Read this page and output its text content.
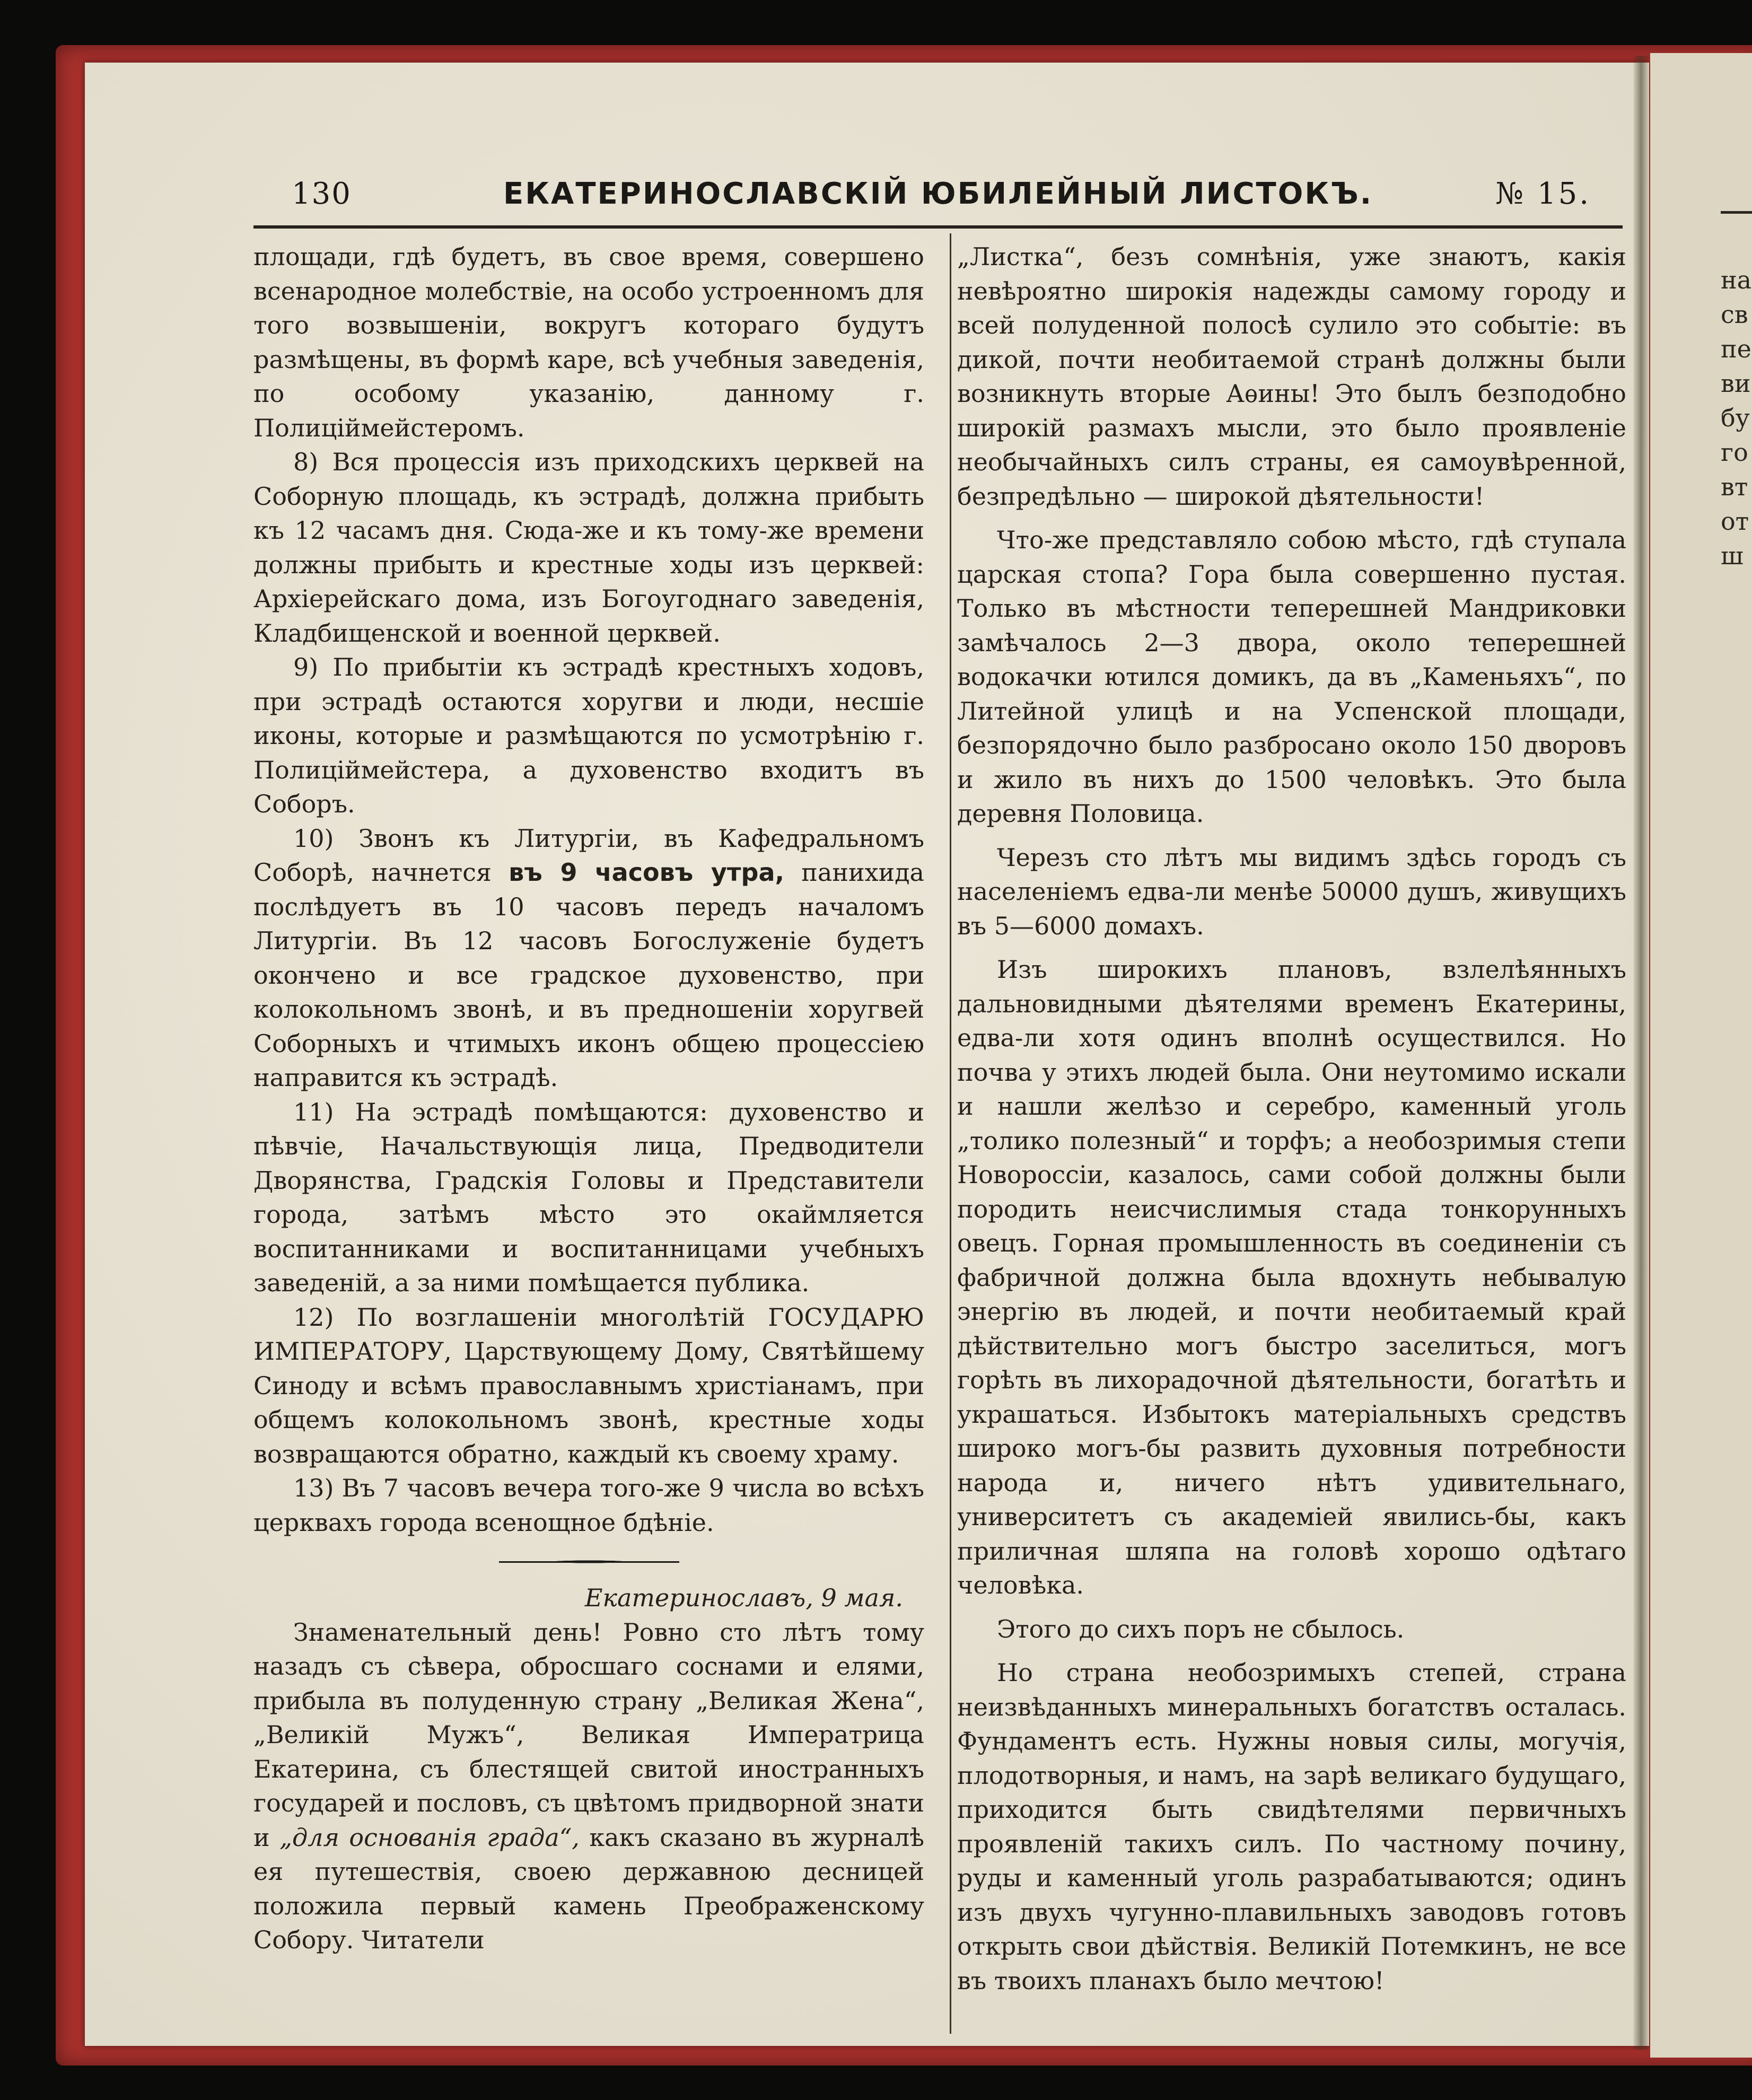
на
св
пе
ви
бу
го
вт
от
ш
130	ЕКАТЕРИНОСЛАВСКІЙ ЮБИЛЕЙНЫЙ ЛИСТОКЪ.	№ 15.

площади, гдѣ будетъ, въ свое время, совершено всенародное молебствіе, на особо устроенномъ для того возвышеніи, вокругъ котораго будутъ размѣщены, въ формѣ каре, всѣ учебныя заведенія, по особому указанію, данному г. Полиціймейстеромъ.

8) Вся процессія изъ приходскихъ церквей на Соборную площадь, къ эстрадѣ, должна прибыть къ 12 часамъ дня. Сюда-же и къ тому-же времени должны прибыть и крестные ходы изъ церквей: Архіерейскаго дома, изъ Богоугоднаго заведенія, Кладбищенской и военной церквей.

9) По прибытіи къ эстрадѣ крестныхъ ходовъ, при эстрадѣ остаются хоругви и люди, несшіе иконы, которые и размѣщаются по усмотрѣнію г. Полиціймейстера, а духовенство входитъ въ Соборъ.

10) Звонъ къ Литургіи, въ Кафедральномъ Соборѣ, начнется въ 9 часовъ утра, панихида послѣдуетъ въ 10 часовъ передъ началомъ Литургіи. Въ 12 часовъ Богослуженіе будетъ окончено и все градское духовенство, при колокольномъ звонѣ, и въ предношеніи хоругвей Соборныхъ и чтимыхъ иконъ общею процессіею направится къ эстрадѣ.

11) На эстрадѣ помѣщаются: духовенство и пѣвчіе, Начальствующія лица, Предводители Дворянства, Градскія Головы и Представители города, затѣмъ мѣсто это окаймляется воспитанниками и воспитанницами учебныхъ заведеній, а за ними помѣщается публика.

12) По возглашеніи многолѣтій ГОСУДАРЮ ИМПЕРАТОРУ, Царствующему Дому, Святѣйшему Синоду и всѣмъ православнымъ христіанамъ, при общемъ колокольномъ звонѣ, крестные ходы возвращаются обратно, каждый къ своему храму.

13) Въ 7 часовъ вечера того-же 9 числа во всѣхъ церквахъ города всенощное бдѣніе.

Екатеринославъ, 9 мая.

Знаменательный день! Ровно сто лѣтъ тому назадъ съ сѣвера, обросшаго соснами и елями, прибыла въ полуденную страну „Великая Жена“, „Великій Мужъ“, Великая Императрица Екатерина, съ блестящей свитой иностранныхъ государей и пословъ, съ цвѣтомъ придворной знати и „для основанія града“, какъ сказано въ журналѣ ея путешествія, своею державною десницей положила первый камень Преображенскому Собору. Читатели

„Листка“, безъ сомнѣнія, уже знаютъ, какія невѣроятно широкія надежды самому городу и всей полуденной полосѣ сулило это событіе: въ дикой, почти необитаемой странѣ должны были возникнуть вторые Аѳины! Это былъ безподобно широкій размахъ мысли, это было проявленіе необычайныхъ силъ страны, ея самоувѣренной, безпредѣльно — широкой дѣятельности!

Что-же представляло собою мѣсто, гдѣ ступала царская стопа? Гора была совершенно пустая. Только въ мѣстности теперешней Мандриковки замѣчалось 2—3 двора, около теперешней водокачки ютился домикъ, да въ „Каменьяхъ“, по Литейной улицѣ и на Успенской площади, безпорядочно было разбросано около 150 дворовъ и жило въ нихъ до 1500 человѣкъ. Это была деревня Половица.

Черезъ сто лѣтъ мы видимъ здѣсь городъ съ населеніемъ едва-ли менѣе 50000 душъ, живущихъ въ 5—6000 домахъ.

Изъ широкихъ плановъ, взлелѣянныхъ дальновидными дѣятелями временъ Екатерины, едва-ли хотя одинъ вполнѣ осуществился. Но почва у этихъ людей была. Они неутомимо искали и нашли желѣзо и серебро, каменный уголь „толико полезный“ и торфъ; а необозримыя степи Новороссіи, казалось, сами собой должны были породить неисчислимыя стада тонкорунныхъ овецъ. Горная промышленность въ соединеніи съ фабричной должна была вдохнуть небывалую энергію въ людей, и почти необитаемый край дѣйствительно могъ быстро заселиться, могъ горѣть въ лихорадочной дѣятельности, богатѣть и украшаться. Избытокъ матеріальныхъ средствъ широко могъ-бы развить духовныя потребности народа и, ничего нѣтъ удивительнаго, университетъ съ академіей явились-бы, какъ приличная шляпа на головѣ хорошо одѣтаго человѣка.

Этого до сихъ поръ не сбылось.

Но страна необозримыхъ степей, страна неизвѣданныхъ минеральныхъ богатствъ осталась. Фундаментъ есть. Нужны новыя силы, могучія, плодотворныя, и намъ, на зарѣ великаго будущаго, приходится быть свидѣтелями первичныхъ проявленій такихъ силъ. По частному почину, руды и каменный уголь разрабатываются; одинъ изъ двухъ чугунно-плавильныхъ заводовъ готовъ открыть свои дѣйствія. Великій Потемкинъ, не все въ твоихъ планахъ было мечтою!
